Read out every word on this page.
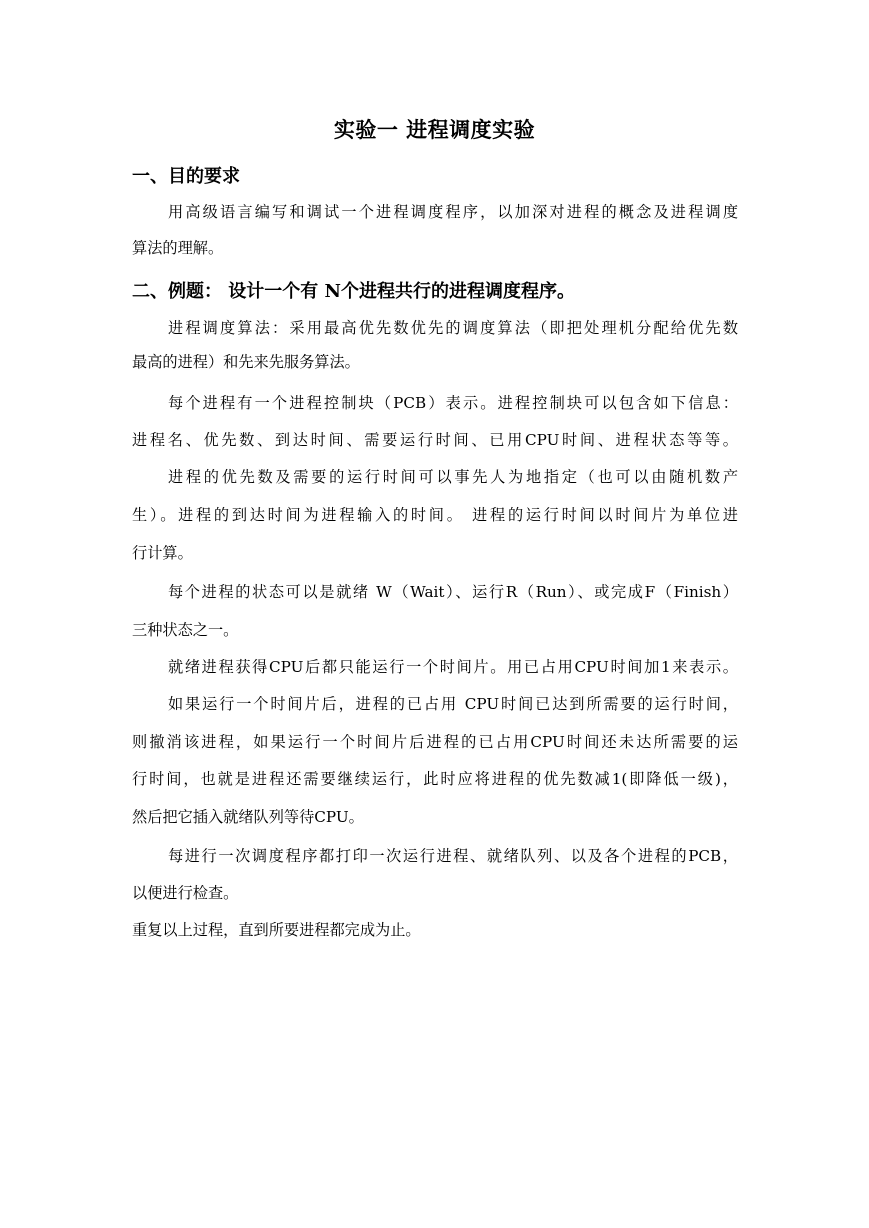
实验一 进程调度实验
一、目的要求
用高级语言编写和调试一个进程调度程序，以加深对进程的概念及进程调度
算法的理解。
二、例题： 设计一个有 N个进程共行的进程调度程序。
进程调度算法：采用最高优先数优先的调度算法（即把处理机分配给优先数
最高的进程）和先来先服务算法。
每个进程有一个进程控制块（PCB）表示。进程控制块可以包含如下信息：
进程名、优先数、到达时间、需要运行时间、已用CPU时间、进程状态等等。
进程的优先数及需要的运行时间可以事先人为地指定（也可以由随机数产
生）。进程的到达时间为进程输入的时间。 进程的运行时间以时间片为单位进
行计算。
每个进程的状态可以是就绪 W（Wait）、运行R（Run）、或完成F（Finish）
三种状态之一。
就绪进程获得CPU后都只能运行一个时间片。用已占用CPU时间加1来表示。
如果运行一个时间片后，进程的已占用 CPU时间已达到所需要的运行时间，
则撤消该进程，如果运行一个时间片后进程的已占用CPU时间还未达所需要的运
行时间，也就是进程还需要继续运行，此时应将进程的优先数减1(即降低一级)，
然后把它插入就绪队列等待CPU。
每进行一次调度程序都打印一次运行进程、就绪队列、以及各个进程的PCB，
以便进行检查。
重复以上过程，直到所要进程都完成为止。
